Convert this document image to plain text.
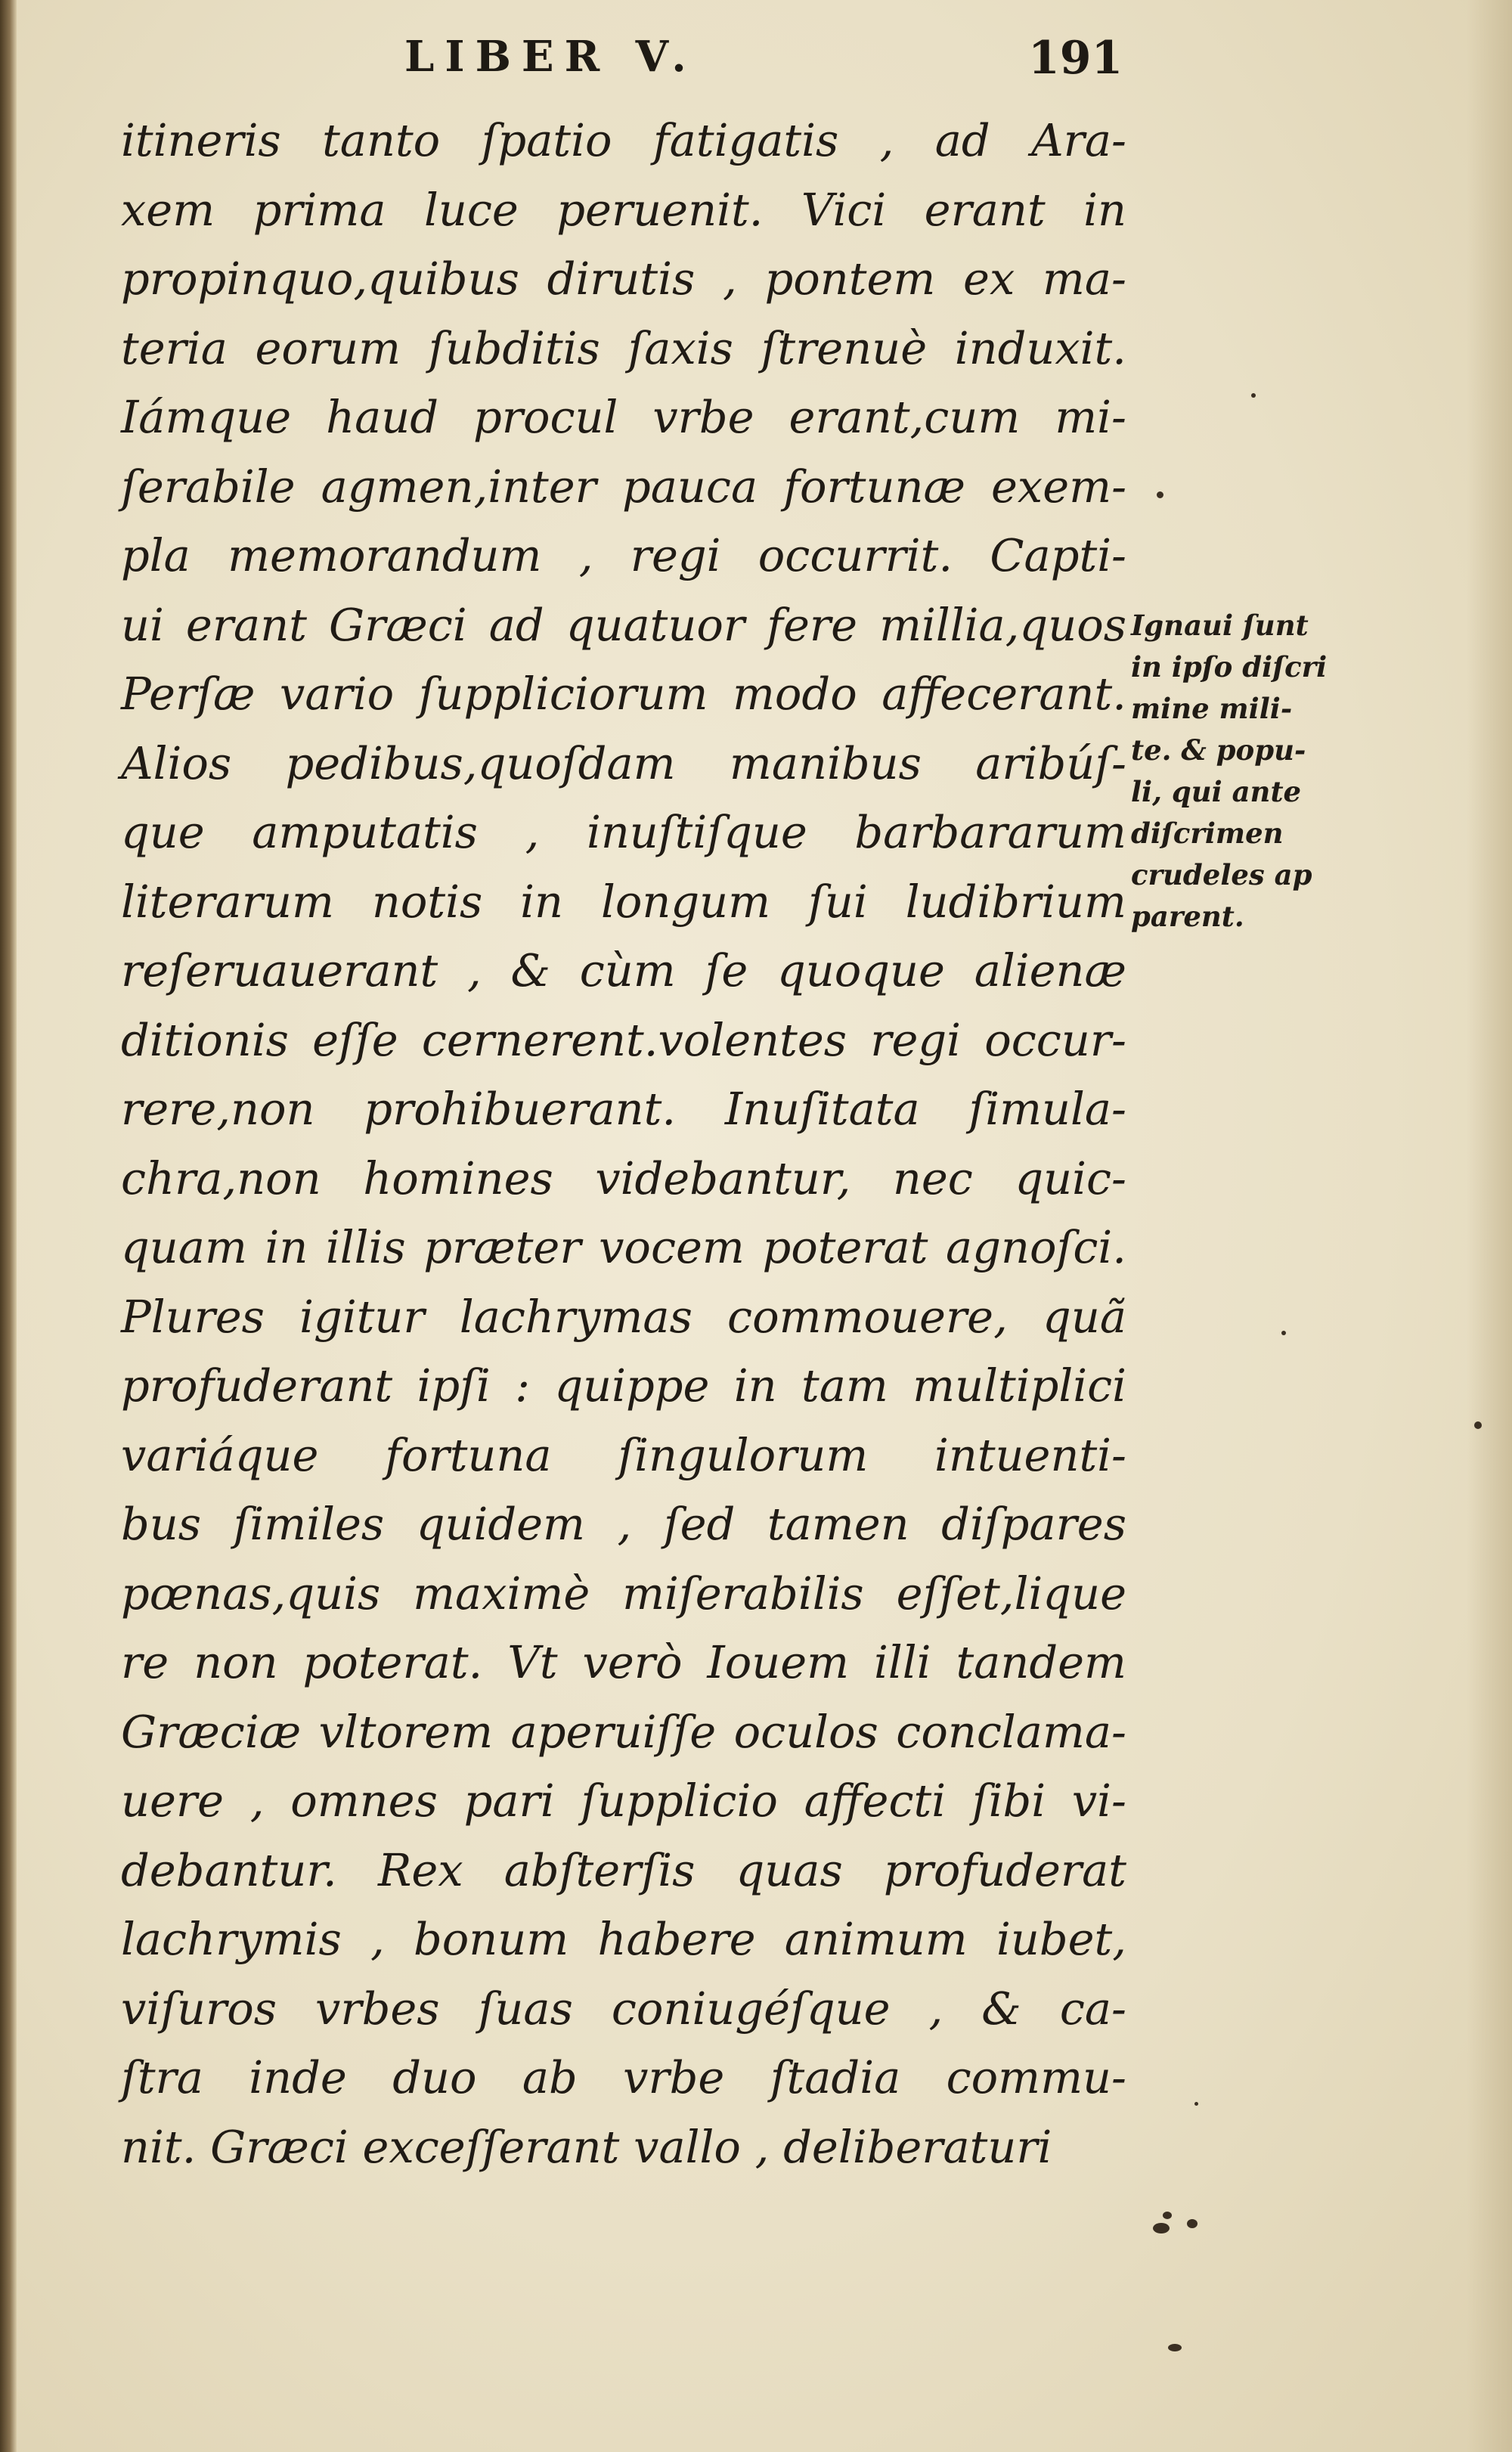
LIBER V.	191
itineris tanto ſpatio fatigatis , ad Ara-
xem prima luce peruenit. Vici erant in
propinquo,quibus dirutis , pontem ex ma-
teria eorum ſubditis ſaxis ſtrenuè induxit.
Iámque haud procul vrbe erant,cum mi-
ſerabile agmen,inter pauca fortunæ exem-
pla memorandum , regi occurrit. Capti-
ui erant Græci ad quatuor fere millia,quos
Perſæ vario ſuppliciorum modo affecerant.
Alios pedibus,quoſdam manibus aribúſ-
que amputatis , inuſtiſque barbararum
literarum notis in longum ſui ludibrium
reſeruauerant , & cùm ſe quoque alienæ
ditionis eſſe cernerent.volentes regi occur-
rere,non prohibuerant. Inuſitata ſimula-
chra,non homines videbantur, nec quic-
quam in illis præter vocem poterat agnoſci.
Plures igitur lachrymas commouere, quã
profuderant ipſi : quippe in tam multiplici
variáque fortuna ſingulorum intuenti-
bus ſimiles quidem , ſed tamen diſpares
pœnas,quis maximè miſerabilis eſſet,lique
re non poterat. Vt verò Iouem illi tandem
Græciæ vltorem aperuiſſe oculos conclama-
uere , omnes pari ſupplicio affecti ſibi vi-
debantur. Rex abſterſis quas profuderat
lachrymis , bonum habere animum iubet,
viſuros vrbes ſuas coniugéſque , & ca-
ſtra inde duo ab vrbe ſtadia commu-
nit. Græci exceſſerant vallo , deliberaturi
Ignaui ſunt
in ipſo diſcri
mine mili-
te. & popu-
li, qui ante
diſcrimen
crudeles ap
parent.
